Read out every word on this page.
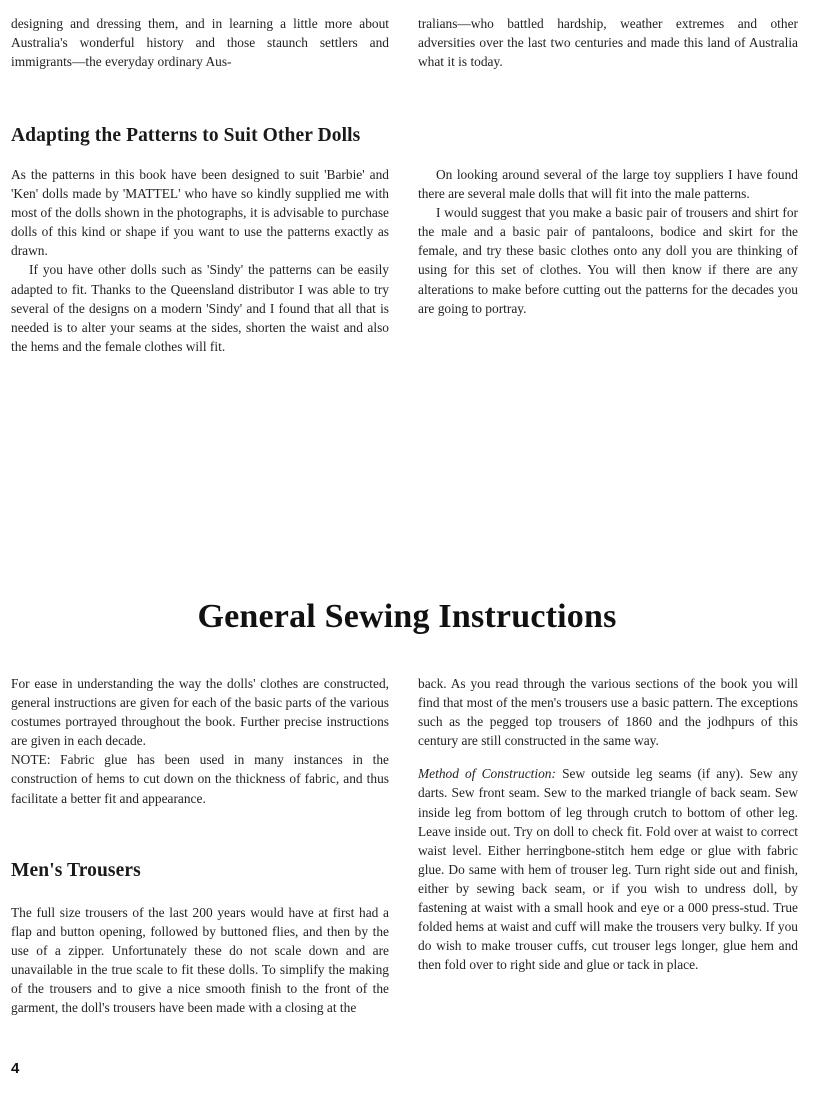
designing and dressing them, and in learning a little more about Australia's wonderful history and those staunch settlers and immigrants—the everyday ordinary Aus-

tralians—who battled hardship, weather extremes and other adversities over the last two centuries and made this land of Australia what it is today.

Adapting the Patterns to Suit Other Dolls

As the patterns in this book have been designed to suit 'Barbie' and 'Ken' dolls made by 'MATTEL' who have so kindly supplied me with most of the dolls shown in the photographs, it is advisable to purchase dolls of this kind or shape if you want to use the patterns exactly as drawn.

If you have other dolls such as 'Sindy' the patterns can be easily adapted to fit. Thanks to the Queensland distributor I was able to try several of the designs on a modern 'Sindy' and I found that all that is needed is to alter your seams at the sides, shorten the waist and also the hems and the female clothes will fit.

On looking around several of the large toy suppliers I have found there are several male dolls that will fit into the male patterns.

I would suggest that you make a basic pair of trousers and shirt for the male and a basic pair of pantaloons, bodice and skirt for the female, and try these basic clothes onto any doll you are thinking of using for this set of clothes. You will then know if there are any alterations to make before cutting out the patterns for the decades you are going to portray.

General Sewing Instructions

For ease in understanding the way the dolls' clothes are constructed, general instructions are given for each of the basic parts of the various costumes portrayed throughout the book. Further precise instructions are given in each decade.

NOTE: Fabric glue has been used in many instances in the construction of hems to cut down on the thickness of fabric, and thus facilitate a better fit and appearance.

Men's Trousers

The full size trousers of the last 200 years would have at first had a flap and button opening, followed by buttoned flies, and then by the use of a zipper. Unfortunately these do not scale down and are unavailable in the true scale to fit these dolls. To simplify the making of the trousers and to give a nice smooth finish to the front of the garment, the doll's trousers have been made with a closing at the

back. As you read through the various sections of the book you will find that most of the men's trousers use a basic pattern. The exceptions such as the pegged top trousers of 1860 and the jodhpurs of this century are still constructed in the same way.

Method of Construction: Sew outside leg seams (if any). Sew any darts. Sew front seam. Sew to the marked triangle of back seam. Sew inside leg from bottom of leg through crutch to bottom of other leg. Leave inside out. Try on doll to check fit. Fold over at waist to correct waist level. Either herringbone-stitch hem edge or glue with fabric glue. Do same with hem of trouser leg. Turn right side out and finish, either by sewing back seam, or if you wish to undress doll, by fastening at waist with a small hook and eye or a 000 press-stud. True folded hems at waist and cuff will make the trousers very bulky. If you do wish to make trouser cuffs, cut trouser legs longer, glue hem and then fold over to right side and glue or tack in place.

4
